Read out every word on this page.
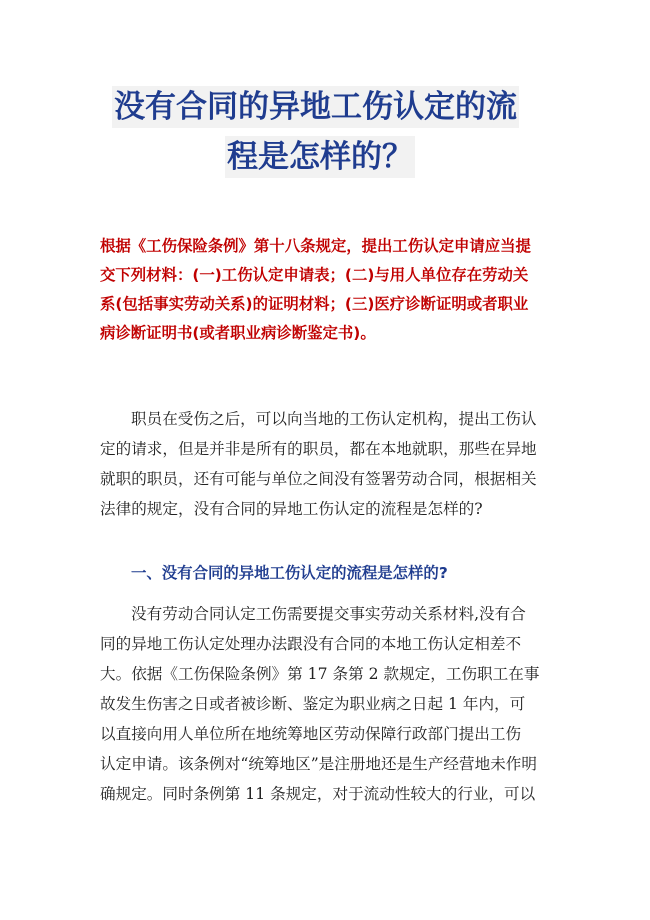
没有合同的异地工伤认定的流
程是怎样的？
根据《工伤保险条例》第十八条规定，提出工伤认定申请应当提
交下列材料：(一)工伤认定申请表；(二)与用人单位存在劳动关
系(包括事实劳动关系)的证明材料；(三)医疗诊断证明或者职业
病诊断证明书(或者职业病诊断鉴定书)。
职员在受伤之后，可以向当地的工伤认定机构，提出工伤认
定的请求，但是并非是所有的职员，都在本地就职，那些在异地
就职的职员，还有可能与单位之间没有签署劳动合同，根据相关
法律的规定，没有合同的异地工伤认定的流程是怎样的?
一、没有合同的异地工伤认定的流程是怎样的?
没有劳动合同认定工伤需要提交事实劳动关系材料,没有合
同的异地工伤认定处理办法跟没有合同的本地工伤认定相差不
大。依据《工伤保险条例》第 17 条第 2 款规定，工伤职工在事
故发生伤害之日或者被诊断、鉴定为职业病之日起 1 年内，可
以直接向用人单位所在地统筹地区劳动保障行政部门提出工伤
认定申请。该条例对“统筹地区”是注册地还是生产经营地未作明
确规定。同时条例第 11 条规定，对于流动性较大的行业，可以
